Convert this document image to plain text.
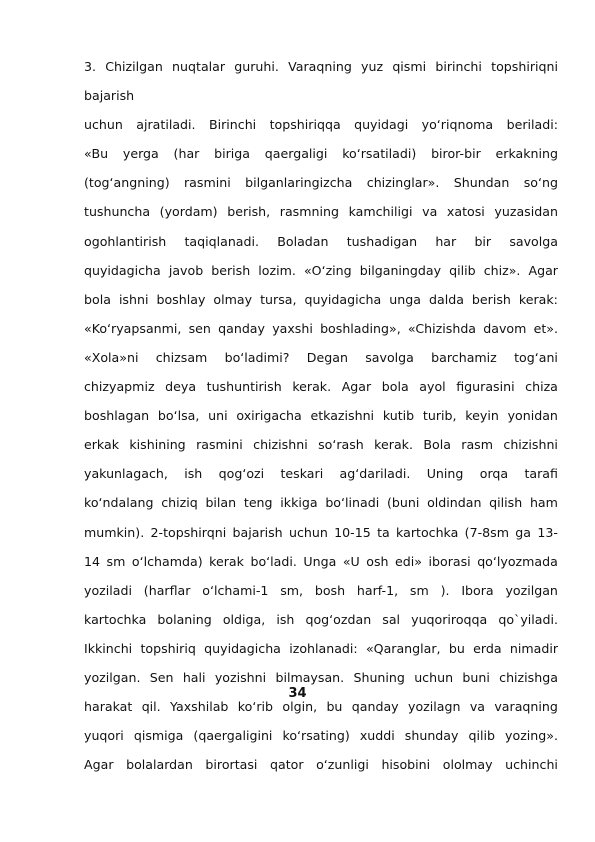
3. Chizilgan nuqtalar guruhi. Varaqning yuz qismi birinchi topshiriqni
bajarish
uchun ajratiladi. Birinchi topshiriqqa quyidagi yo‘riqnoma beriladi:
«Bu yerga (har biriga qaergaligi ko‘rsatiladi) biror-bir erkakning
(tog‘angning) rasmini bilganlaringizcha chizinglar». Shundan so‘ng
tushuncha (yordam) berish, rasmning kamchiligi va xatosi yuzasidan
ogohlantirish taqiqlanadi. Boladan tushadigan har bir savolga
quyidagicha javob berish lozim. «O‘zing bilganingday qilib chiz». Agar
bola ishni boshlay olmay tursa, quyidagicha unga dalda berish kerak:
«Ko‘ryapsanmi, sen qanday yaxshi boshlading», «Chizishda davom et».
«Xola»ni chizsam bo‘ladimi? Degan savolga barchamiz tog‘ani
chizyapmiz deya tushuntirish kerak. Agar bola ayol figurasini chiza
boshlagan bo‘lsa, uni oxirigacha etkazishni kutib turib, keyin yonidan
erkak kishining rasmini chizishni so‘rash kerak. Bola rasm chizishni
yakunlagach, ish qog‘ozi teskari ag‘dariladi. Uning orqa tarafi
ko‘ndalang chiziq bilan teng ikkiga bo‘linadi (buni oldindan qilish ham
mumkin). 2-topshirqni bajarish uchun 10-15 ta kartochka (7-8sm ga 13-
14 sm o‘lchamda) kerak bo‘ladi. Unga «U osh edi» iborasi qo‘lyozmada
yoziladi (harflar o‘lchami-1 sm, bosh harf-1, sm ). Ibora yozilgan
kartochka bolaning oldiga, ish qog‘ozdan sal yuqoriroqqa qo`yiladi.
Ikkinchi topshiriq quyidagicha izohlanadi: «Qaranglar, bu erda nimadir
yozilgan. Sen hali yozishni bilmaysan. Shuning uchun buni chizishga
harakat qil. Yaxshilab ko‘rib olgin, bu qanday yozilagn va varaqning
yuqori qismiga (qaergaligini ko‘rsating) xuddi shunday qilib yozing».
Agar bolalardan birortasi qator o‘zunligi hisobini ololmay uchinchi
34
